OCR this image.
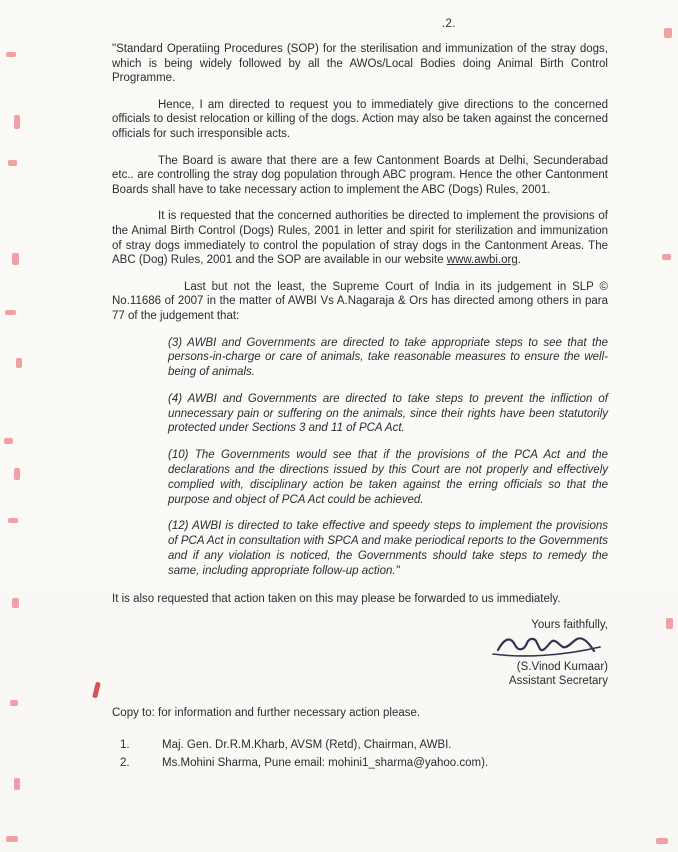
.2.

"Standard Operatiing Procedures (SOP) for the sterilisation and immunization of the stray dogs, which is being widely followed by all the AWOs/Local Bodies doing Animal Birth Control Programme.

Hence, I am directed to request you to immediately give directions to the concerned officials to desist relocation or killing of the dogs. Action may also be taken against the concerned officials for such irresponsible acts.

The Board is aware that there are a few Cantonment Boards at Delhi, Secunderabad etc.. are controlling the stray dog population through ABC program. Hence the other Cantonment Boards shall have to take necessary action to implement the ABC (Dogs) Rules, 2001.

It is requested that the concerned authorities be directed to implement the provisions of the Animal Birth Control (Dogs) Rules, 2001 in letter and spirit for sterilization and immunization of stray dogs immediately to control the population of stray dogs in the Cantonment Areas. The ABC (Dog) Rules, 2001 and the SOP are available in our website www.awbi.org.

Last but not the least, the Supreme Court of India in its judgement in SLP © No.11686 of 2007 in the matter of AWBI Vs A.Nagaraja & Ors has directed among others in para 77 of the judgement that:

(3) AWBI and Governments are directed to take appropriate steps to see that the persons-in-charge or care of animals, take reasonable measures to ensure the well-being of animals.

(4) AWBI and Governments are directed to take steps to prevent the infliction of unnecessary pain or suffering on the animals, since their rights have been statutorily protected under Sections 3 and 11 of PCA Act.

(10) The Governments would see that if the provisions of the PCA Act and the declarations and the directions issued by this Court are not properly and effectively complied with, disciplinary action be taken against the erring officials so that the purpose and object of PCA Act could be achieved.

(12) AWBI is directed to take effective and speedy steps to implement the provisions of PCA Act in consultation with SPCA and make periodical reports to the Governments and if any violation is noticed, the Governments should take steps to remedy the same, including appropriate follow-up action."

It is also requested that action taken on this may please be forwarded to us immediately.

Yours faithfully,
(S.Vinod Kumaar)
Assistant Secretary

Copy to: for information and further necessary action please.

1.	Maj. Gen. Dr.R.M.Kharb, AVSM (Retd), Chairman, AWBI.
2.	Ms.Mohini Sharma, Pune email: mohini1_sharma@yahoo.com).
